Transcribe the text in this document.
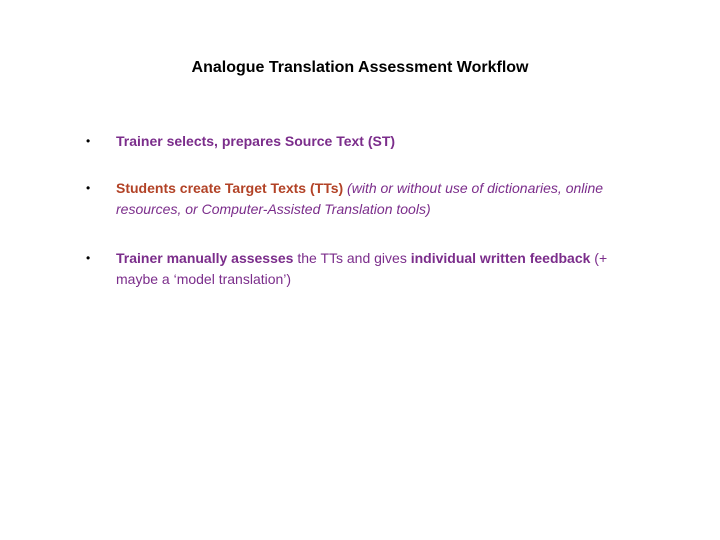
Analogue Translation Assessment Workflow
•	Trainer selects, prepares Source Text (ST)
•	Students create Target Texts (TTs) (with or without use of dictionaries, online resources, or Computer-Assisted Translation tools)
•	Trainer manually assesses the TTs and gives individual written feedback (+ maybe a ‘model translation’)
